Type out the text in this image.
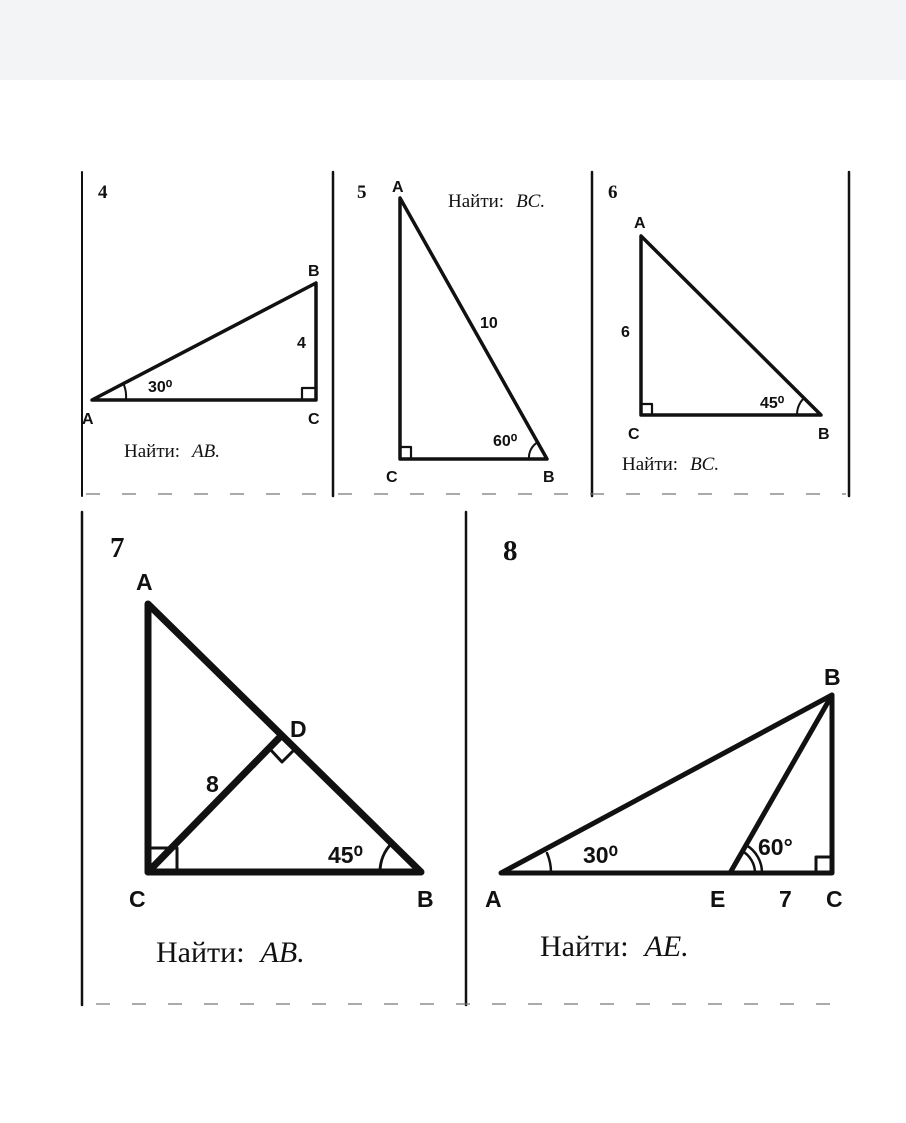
4
A
B
C
4
30⁰
Найти: AB.
5 A
B
C
10
60⁰
Найти: BC.	6
A
B
C
6
45⁰
Найти: BC.
7
A
B
C
D
8
45⁰
Найти: AB.
8
A
B
C
E 7
30⁰	60°
Найти: AE.
